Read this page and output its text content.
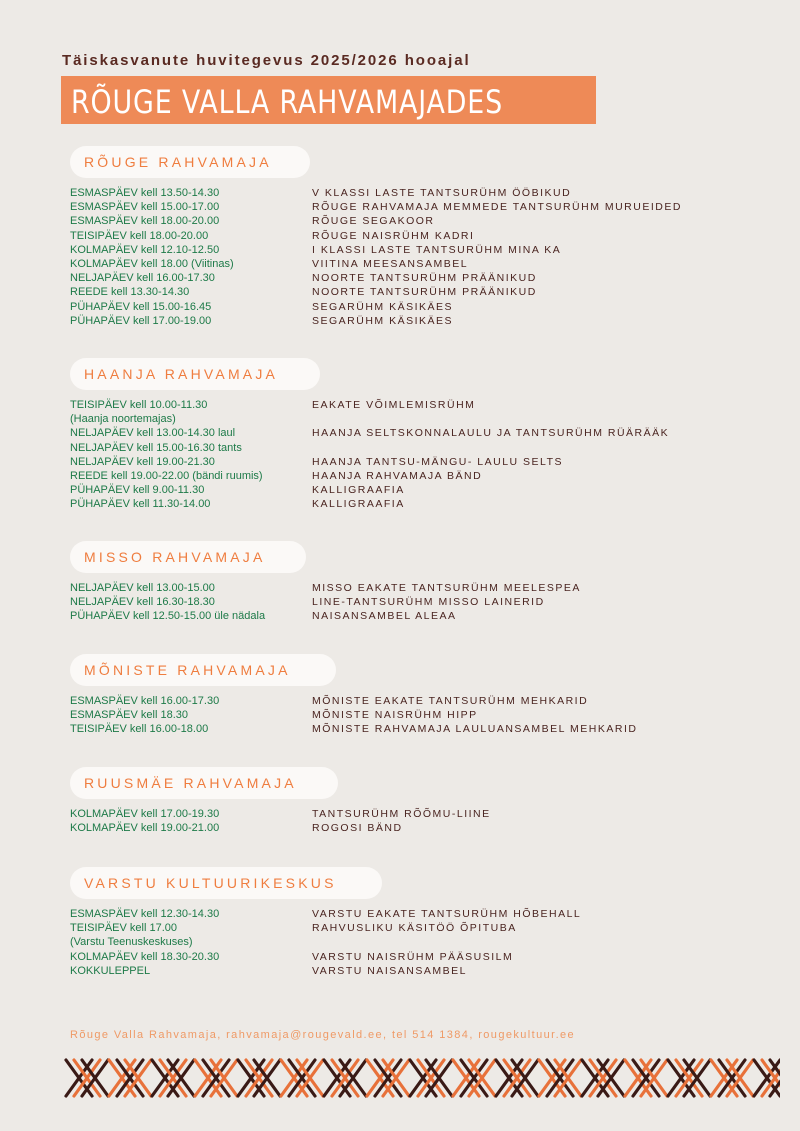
Täiskasvanute huvitegevus 2025/2026 hooajal
RÕUGE VALLA RAHVAMAJADES
RÕUGE RAHVAMAJA
ESMASPÄEV kell 13.50-14.30	V KLASSI LASTE TANTSURÜHM ÖÖBIKUD
ESMASPÄEV kell 15.00-17.00	RÕUGE RAHVAMAJA MEMMEDE TANTSURÜHM MURUEIDED
ESMASPÄEV kell 18.00-20.00	RÕUGE SEGAKOOR
TEISIPÄEV kell 18.00-20.00	RÕUGE NAISRÜHM KADRI
KOLMAPÄEV kell 12.10-12.50	I KLASSI LASTE TANTSURÜHM MINA KA
KOLMAPÄEV kell 18.00 (Viitinas)	VIITINA MEESANSAMBEL
NELJAPÄEV kell 16.00-17.30	NOORTE TANTSURÜHM PRÄÄNIKUD
REEDE kell 13.30-14.30	NOORTE TANTSURÜHM PRÄÄNIKUD
PÜHAPÄEV kell 15.00-16.45	SEGARÜHM KÄSIKÄES
PÜHAPÄEV kell 17.00-19.00	SEGARÜHM KÄSIKÄES
HAANJA RAHVAMAJA
TEISIPÄEV kell 10.00-11.30	EAKATE VÕIMLEMISRÜHM
(Haanja noortemajas)
NELJAPÄEV kell 13.00-14.30 laul	HAANJA SELTSKONNALAULU JA TANTSURÜHM RÜÄRÄÄK
NELJAPÄEV kell 15.00-16.30 tants
NELJAPÄEV kell 19.00-21.30	HAANJA TANTSU-MÄNGU- LAULU SELTS
REEDE kell 19.00-22.00 (bändi ruumis)	HAANJA RAHVAMAJA BÄND
PÜHAPÄEV kell 9.00-11.30	KALLIGRAAFIA
PÜHAPÄEV kell 11.30-14.00	KALLIGRAAFIA
MISSO RAHVAMAJA
NELJAPÄEV kell 13.00-15.00	MISSO EAKATE TANTSURÜHM MEELESPEA
NELJAPÄEV kell 16.30-18.30	LINE-TANTSURÜHM MISSO LAINERID
PÜHAPÄEV kell 12.50-15.00 üle nädala	NAISANSAMBEL ALEAA
MÕNISTE RAHVAMAJA
ESMASPÄEV kell 16.00-17.30	MÕNISTE EAKATE TANTSURÜHM MEHKARID
ESMASPÄEV kell 18.30	MÕNISTE NAISRÜHM HIPP
TEISIPÄEV kell 16.00-18.00	MÕNISTE RAHVAMAJA LAULUANSAMBEL MEHKARID
RUUSMÄE RAHVAMAJA
KOLMAPÄEV kell 17.00-19.30	TANTSURÜHM RÕÕMU-LIINE
KOLMAPÄEV kell 19.00-21.00	ROGOSI BÄND
VARSTU KULTUURIKESKUS
ESMASPÄEV kell 12.30-14.30	VARSTU EAKATE TANTSURÜHM HÕBEHALL
TEISIPÄEV kell 17.00	RAHVUSLIKU KÄSITÖÖ ÕPITUBA
(Varstu Teenuskeskuses)
KOLMAPÄEV kell 18.30-20.30	VARSTU NAISRÜHM PÄÄSUSILM
KOKKULEPPEL	VARSTU NAISANSAMBEL
Rõuge Valla Rahvamaja, rahvamaja@rougevald.ee, tel 514 1384, rougekultuur.ee
